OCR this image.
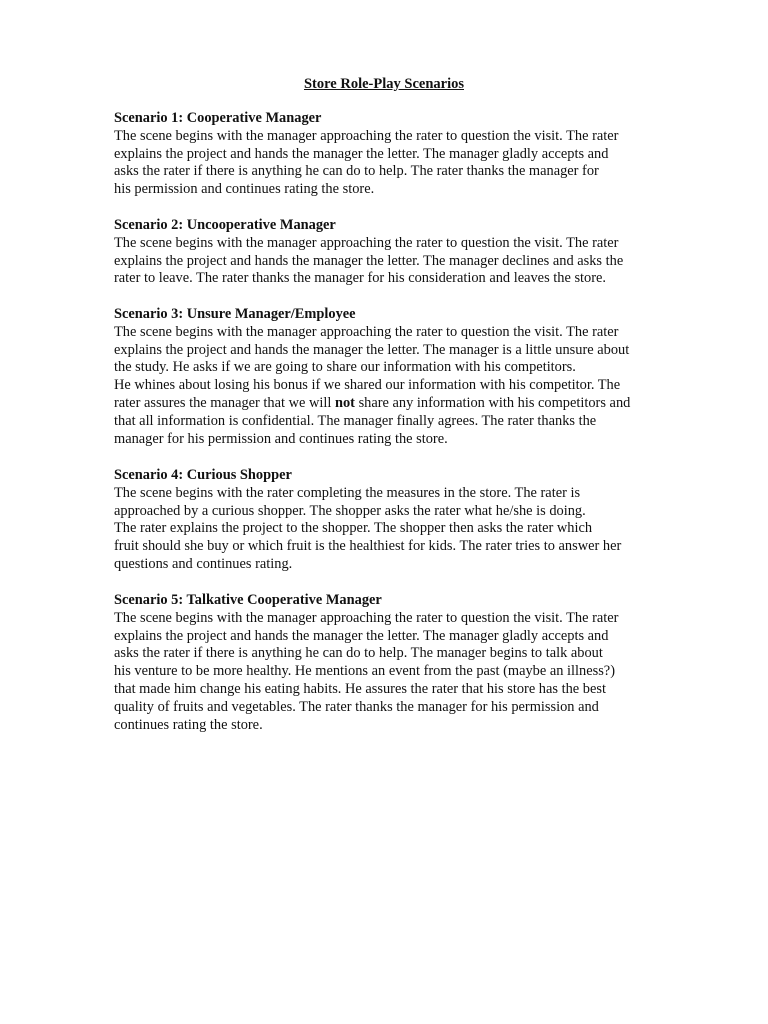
Store Role-Play Scenarios
Scenario 1: Cooperative Manager
The scene begins with the manager approaching the rater to question the visit. The rater
explains the project and hands the manager the letter. The manager gladly accepts and
asks the rater if there is anything he can do to help. The rater thanks the manager for
his permission and continues rating the store.
Scenario 2: Uncooperative Manager
The scene begins with the manager approaching the rater to question the visit. The rater
explains the project and hands the manager the letter. The manager declines and asks the
rater to leave. The rater thanks the manager for his consideration and leaves the store.
Scenario 3: Unsure Manager/Employee
The scene begins with the manager approaching the rater to question the visit. The rater
explains the project and hands the manager the letter. The manager is a little unsure about
the study. He asks if we are going to share our information with his competitors.
He whines about losing his bonus if we shared our information with his competitor. The
rater assures the manager that we will not share any information with his competitors and
that all information is confidential. The manager finally agrees. The rater thanks the
manager for his permission and continues rating the store.
Scenario 4: Curious Shopper
The scene begins with the rater completing the measures in the store. The rater is
approached by a curious shopper. The shopper asks the rater what he/she is doing.
The rater explains the project to the shopper. The shopper then asks the rater which
fruit should she buy or which fruit is the healthiest for kids. The rater tries to answer her
questions and continues rating.
Scenario 5: Talkative Cooperative Manager
The scene begins with the manager approaching the rater to question the visit. The rater
explains the project and hands the manager the letter. The manager gladly accepts and
asks the rater if there is anything he can do to help. The manager begins to talk about
his venture to be more healthy. He mentions an event from the past (maybe an illness?)
that made him change his eating habits. He assures the rater that his store has the best
quality of fruits and vegetables. The rater thanks the manager for his permission and
continues rating the store.
